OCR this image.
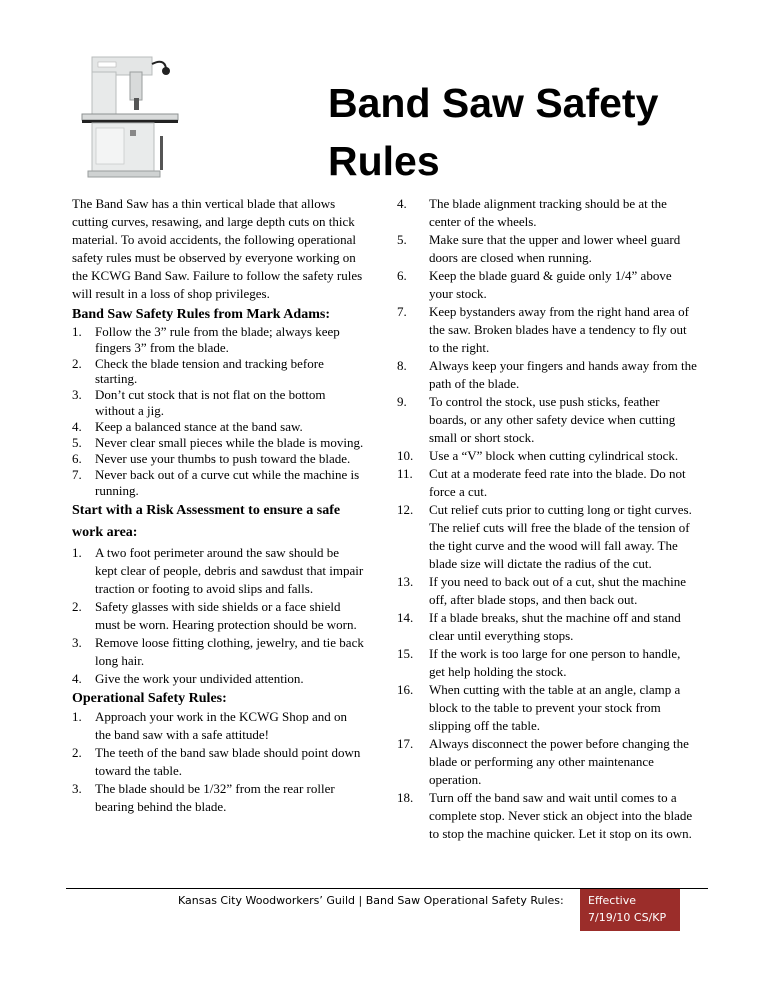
Band Saw Safety Rules

The Band Saw has a thin vertical blade that allows cutting curves, resawing, and large depth cuts on thick material. To avoid accidents, the following operational safety rules must be observed by everyone working on the KCWG Band Saw. Failure to follow the safety rules will result in a loss of shop privileges.

Band Saw Safety Rules from Mark Adams:

1. Follow the 3” rule from the blade; always keep fingers 3” from the blade.
2. Check the blade tension and tracking before starting.
3. Don’t cut stock that is not flat on the bottom without a jig.
4. Keep a balanced stance at the band saw.
5. Never clear small pieces while the blade is moving.
6. Never use your thumbs to push toward the blade.
7. Never back out of a curve cut while the machine is running.

Start with a Risk Assessment to ensure a safe work area:

1. A two foot perimeter around the saw should be kept clear of people, debris and sawdust that impair traction or footing to avoid slips and falls.
2. Safety glasses with side shields or a face shield must be worn. Hearing protection should be worn.
3. Remove loose fitting clothing, jewelry, and tie back long hair.
4. Give the work your undivided attention.

Operational Safety Rules:

1. Approach your work in the KCWG Shop and on the band saw with a safe attitude!
2. The teeth of the band saw blade should point down toward the table.
3. The blade should be 1/32” from the rear roller bearing behind the blade.
4. The blade alignment tracking should be at the center of the wheels.
5. Make sure that the upper and lower wheel guard doors are closed when running.
6. Keep the blade guard & guide only 1/4” above your stock.
7. Keep bystanders away from the right hand area of the saw. Broken blades have a tendency to fly out to the right.
8. Always keep your fingers and hands away from the path of the blade.
9. To control the stock, use push sticks, feather boards, or any other safety device when cutting small or short stock.
10. Use a “V” block when cutting cylindrical stock.
11. Cut at a moderate feed rate into the blade. Do not force a cut.
12. Cut relief cuts prior to cutting long or tight curves. The relief cuts will free the blade of the tension of the tight curve and the wood will fall away. The blade size will dictate the radius of the cut.
13. If you need to back out of a cut, shut the machine off, after blade stops, and then back out.
14. If a blade breaks, shut the machine off and stand clear until everything stops.
15. If the work is too large for one person to handle, get help holding the stock.
16. When cutting with the table at an angle, clamp a block to the table to prevent your stock from slipping off the table.
17. Always disconnect the power before changing the blade or performing any other maintenance operation.
18. Turn off the band saw and wait until comes to a complete stop. Never stick an object into the blade to stop the machine quicker. Let it stop on its own.
Kansas City Woodworkers’ Guild | Band Saw Operational Safety Rules: Effective
7/19/10 CS/KP
